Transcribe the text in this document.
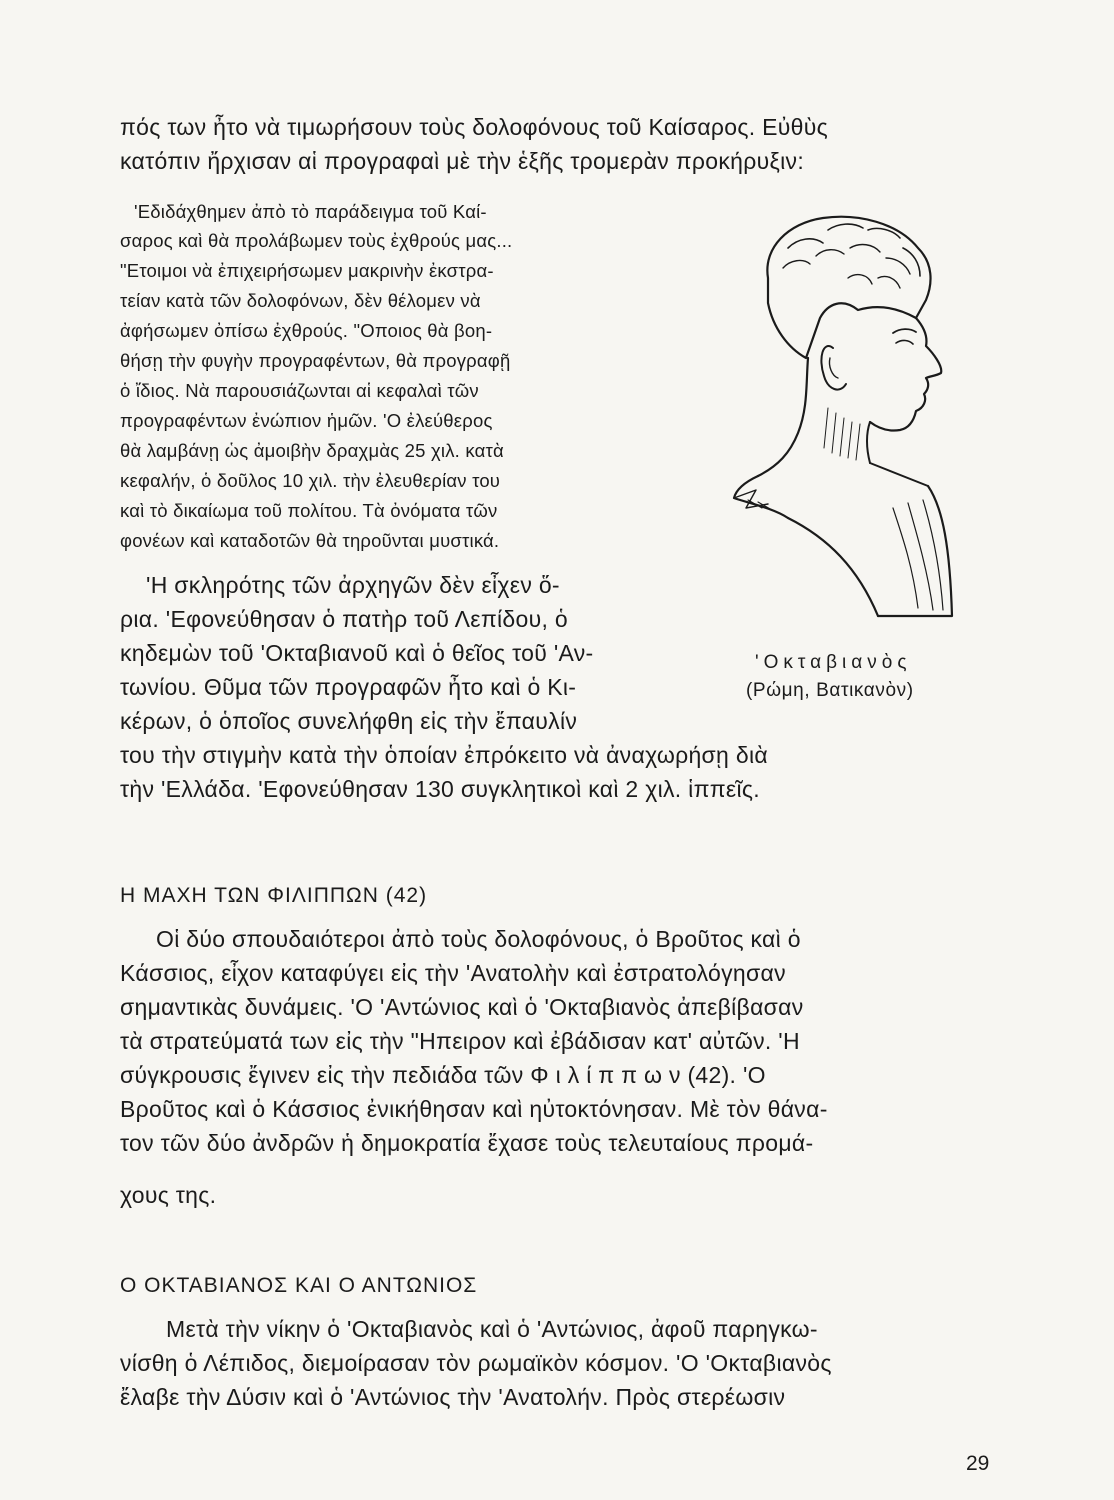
πός των ἦτο νὰ τιμωρήσουν τοὺς δολοφόνους τοῦ Καίσαρος. Εὐθὺς
κατόπιν ἤρχισαν αἱ προγραφαὶ μὲ τὴν ἑξῆς τρομερὰν προκήρυξιν:
'Εδιδάχθημεν ἀπὸ τὸ παράδειγμα τοῦ Καί-
σαρος καὶ θὰ προλάβωμεν τοὺς ἐχθρούς μας...
"Ετοιμοι νὰ ἐπιχειρήσωμεν μακρινὴν ἐκστρα-
τείαν κατὰ τῶν δολοφόνων, δὲν θέλομεν νὰ
ἀφήσωμεν ὀπίσω ἐχθρούς. "Οποιος θὰ βοη-
θήσῃ τὴν φυγὴν προγραφέντων, θὰ προγραφῇ
ὁ ἴδιος. Νὰ παρουσιάζωνται αἱ κεφαλαὶ τῶν
προγραφέντων ἐνώπιον ἡμῶν. 'Ο ἐλεύθερος
θὰ λαμβάνῃ ὡς ἀμοιβὴν δραχμὰς 25 χιλ. κατὰ
κεφαλήν, ὁ δοῦλος 10 χιλ. τὴν ἐλευθερίαν του
καὶ τὸ δικαίωμα τοῦ πολίτου. Τὰ ὀνόματα τῶν
φονέων καὶ καταδοτῶν θὰ τηροῦνται μυστικά.
'Η σκληρότης τῶν ἀρχηγῶν δὲν εἶχεν ὅ-
ρια. 'Εφονεύθησαν ὁ πατὴρ τοῦ Λεπίδου, ὁ
κηδεμὼν τοῦ 'Οκταβιανοῦ καὶ ὁ θεῖος τοῦ 'Αν-
τωνίου. Θῦμα τῶν προγραφῶν ἦτο καὶ ὁ Κι-
κέρων, ὁ ὁποῖος συνελήφθη εἰς τὴν ἔπαυλίν
του τὴν στιγμὴν κατὰ τὴν ὁποίαν ἐπρόκειτο νὰ ἀναχωρήσῃ διὰ
τὴν 'Ελλάδα. 'Εφονεύθησαν 130 συγκλητικοὶ καὶ 2 χιλ. ἱππεῖς.
'Οκταβιανὸς
(Ρώμη, Βατικανὸν)
Η ΜΑΧΗ ΤΩΝ ΦΙΛΙΠΠΩΝ (42)
Οἱ δύο σπουδαιότεροι ἀπὸ τοὺς δολοφόνους, ὁ Βροῦτος καὶ ὁ
Κάσσιος, εἶχον καταφύγει εἰς τὴν 'Ανατολὴν καὶ ἐστρατολόγησαν
σημαντικὰς δυνάμεις. 'Ο 'Αντώνιος καὶ ὁ 'Οκταβιανὸς ἀπεβίβασαν
τὰ στρατεύματά των εἰς τὴν "Ηπειρον καὶ ἐβάδισαν κατ' αὐτῶν. 'Η
σύγκρουσις ἔγινεν εἰς τὴν πεδιάδα τῶν Φ ι λ ί π π ω ν (42). 'Ο
Βροῦτος καὶ ὁ Κάσσιος ἐνικήθησαν καὶ ηὐτοκτόνησαν. Μὲ τὸν θάνα-
τον τῶν δύο ἀνδρῶν ἡ δημοκρατία ἔχασε τοὺς τελευταίους προμά-
χους της.
Ο ΟΚΤΑΒΙΑΝΟΣ ΚΑΙ Ο ΑΝΤΩΝΙΟΣ
Μετὰ τὴν νίκην ὁ 'Οκταβιανὸς καὶ ὁ 'Αντώνιος, ἀφοῦ παρηγκω-
νίσθη ὁ Λέπιδος, διεμοίρασαν τὸν ρωμαϊκὸν κόσμον. 'Ο 'Οκταβιανὸς
ἔλαβε τὴν Δύσιν καὶ ὁ 'Αντώνιος τὴν 'Ανατολήν. Πρὸς στερέωσιν
29
